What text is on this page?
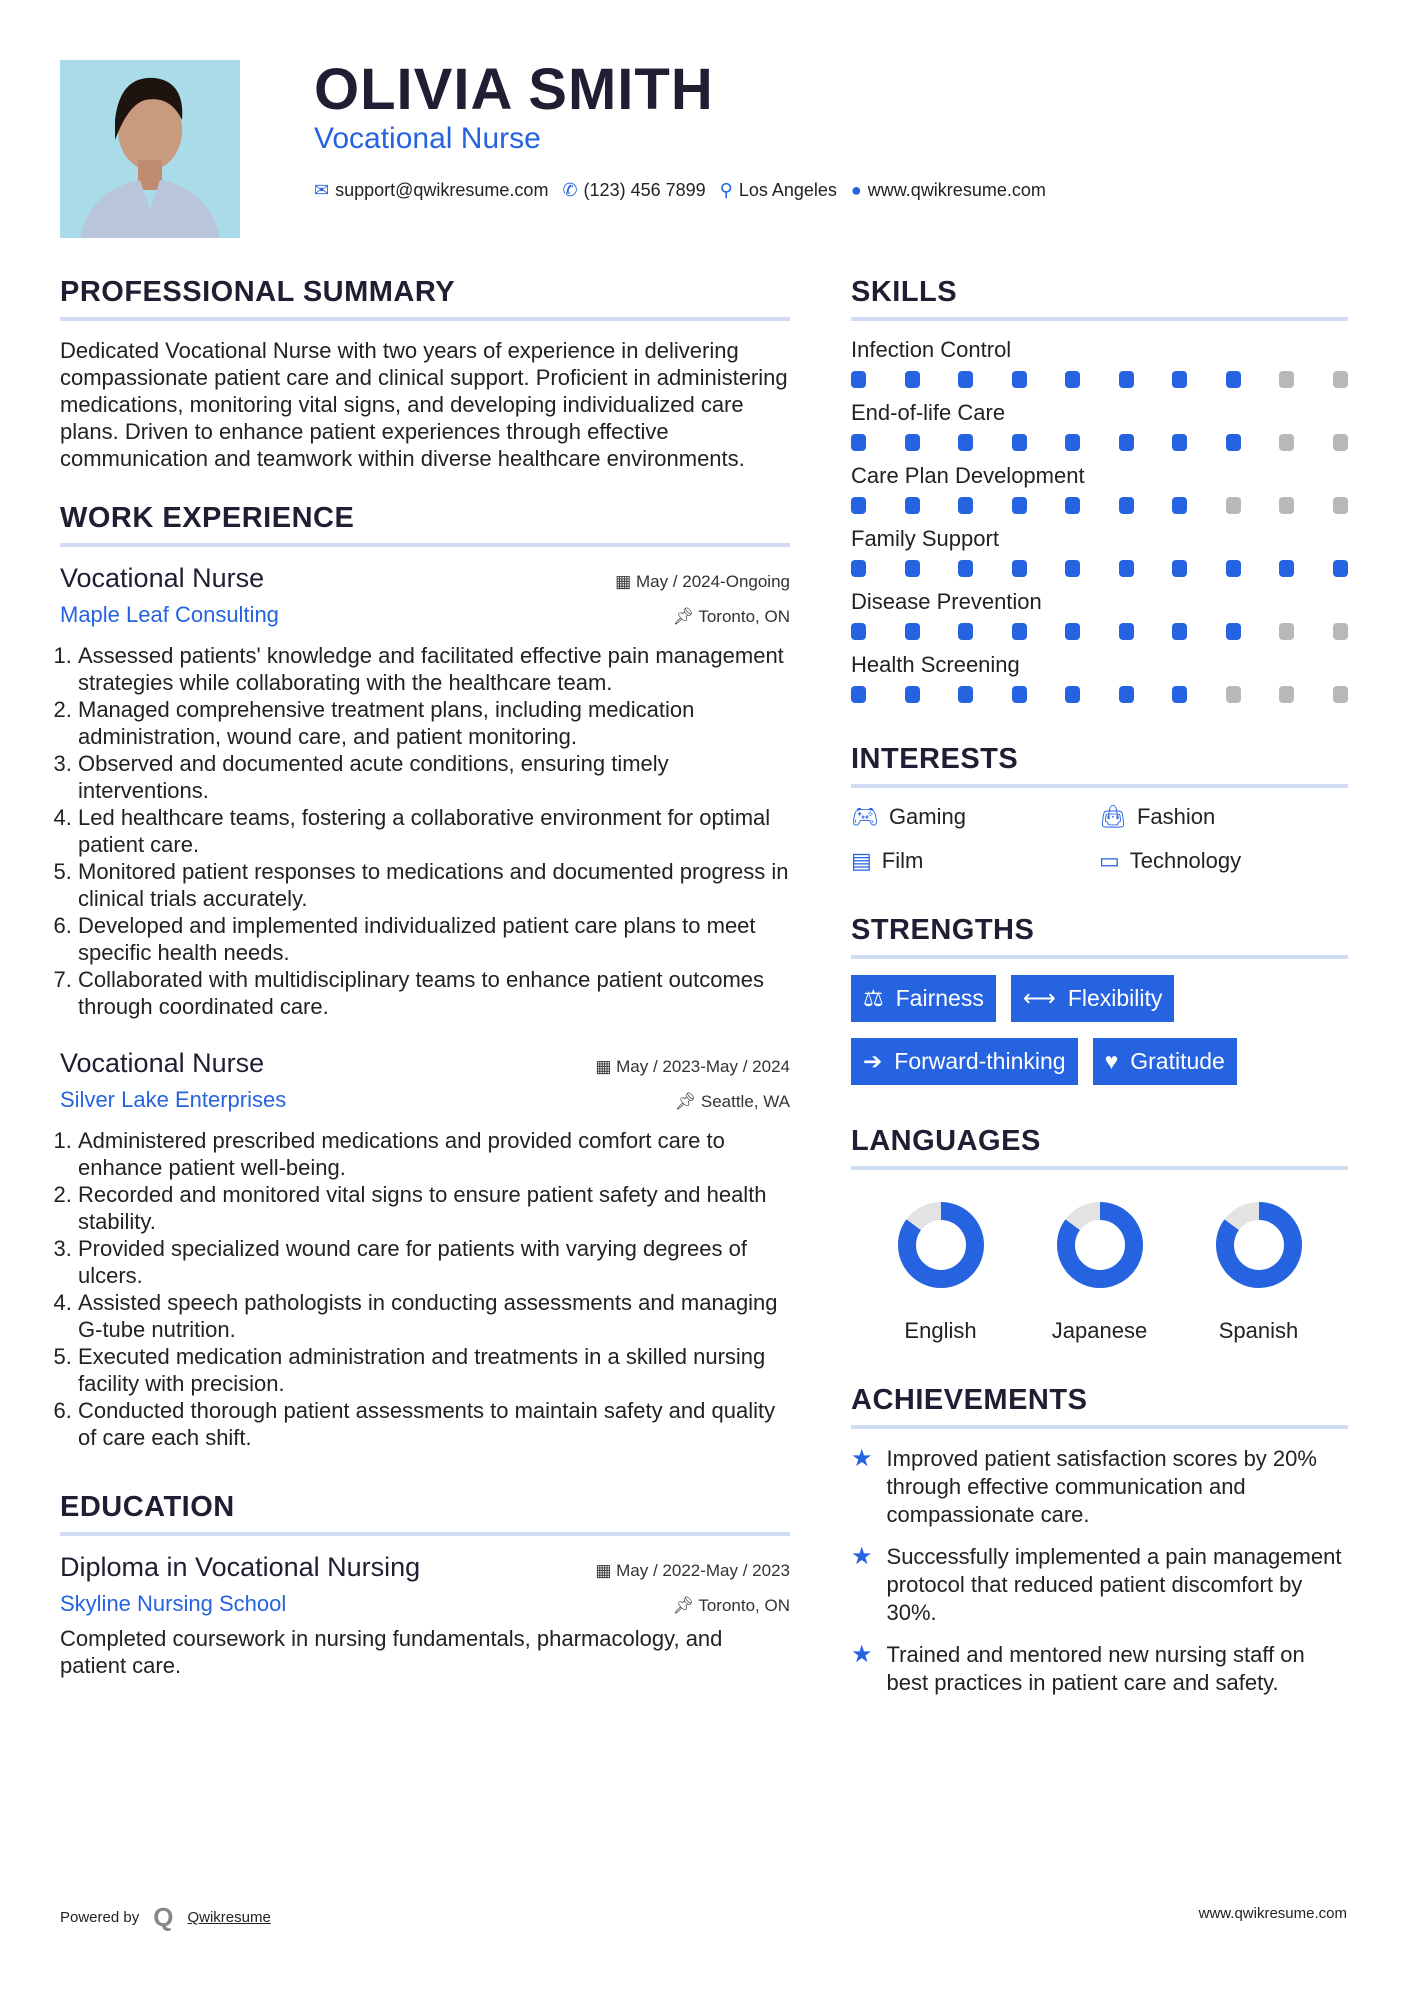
OLIVIA SMITH
Vocational Nurse
✉ support@qwikresume.com ✆ (123) 456 7899 ⚲ Los Angeles ● www.qwikresume.com
PROFESSIONAL SUMMARY

Dedicated Vocational Nurse with two years of experience in delivering compassionate patient care and clinical support. Proficient in administering medications, monitoring vital signs, and developing individualized care plans. Driven to enhance patient experiences through effective communication and teamwork within diverse healthcare environments.

WORK EXPERIENCE
Vocational Nurse	▦ May / 2024-Ongoing
Maple Leaf Consulting	📌︎ Toronto, ON
1. Assessed patients' knowledge and facilitated effective pain management strategies while collaborating with the healthcare team.
2. Managed comprehensive treatment plans, including medication administration, wound care, and patient monitoring.
3. Observed and documented acute conditions, ensuring timely interventions.
4. Led healthcare teams, fostering a collaborative environment for optimal patient care.
5. Monitored patient responses to medications and documented progress in clinical trials accurately.
6. Developed and implemented individualized patient care plans to meet specific health needs.
7. Collaborated with multidisciplinary teams to enhance patient outcomes through coordinated care.
Vocational Nurse	▦ May / 2023-May / 2024
Silver Lake Enterprises	📌︎ Seattle, WA
1. Administered prescribed medications and provided comfort care to enhance patient well-being.
2. Recorded and monitored vital signs to ensure patient safety and health stability.
3. Provided specialized wound care for patients with varying degrees of ulcers.
4. Assisted speech pathologists in conducting assessments and managing G-tube nutrition.
5. Executed medication administration and treatments in a skilled nursing facility with precision.
6. Conducted thorough patient assessments to maintain safety and quality of care each shift.
EDUCATION
Diploma in Vocational Nursing	▦ May / 2022-May / 2023
Skyline Nursing School	📌︎ Toronto, ON

Completed coursework in nursing fundamentals, pharmacology, and patient care.

SKILLS
Infection Control
End-of-life Care
Care Plan Development
Family Support
Disease Prevention
Health Screening
INTERESTS
🎮︎ Gaming	👜︎ Fashion
▤ Film	▭ Technology
STRENGTHS
⚖ Fairness ⟷ Flexibility
➔ Forward-thinking ♥ Gratitude
LANGUAGES
English	Japanese	Spanish
ACHIEVEMENTS
★ Improved patient satisfaction scores by 20% through effective communication and compassionate care.
★ Successfully implemented a pain management protocol that reduced patient discomfort by 30%.
★ Trained and mentored new nursing staff on best practices in patient care and safety.
Powered by Q Qwikresume	www.qwikresume.com
